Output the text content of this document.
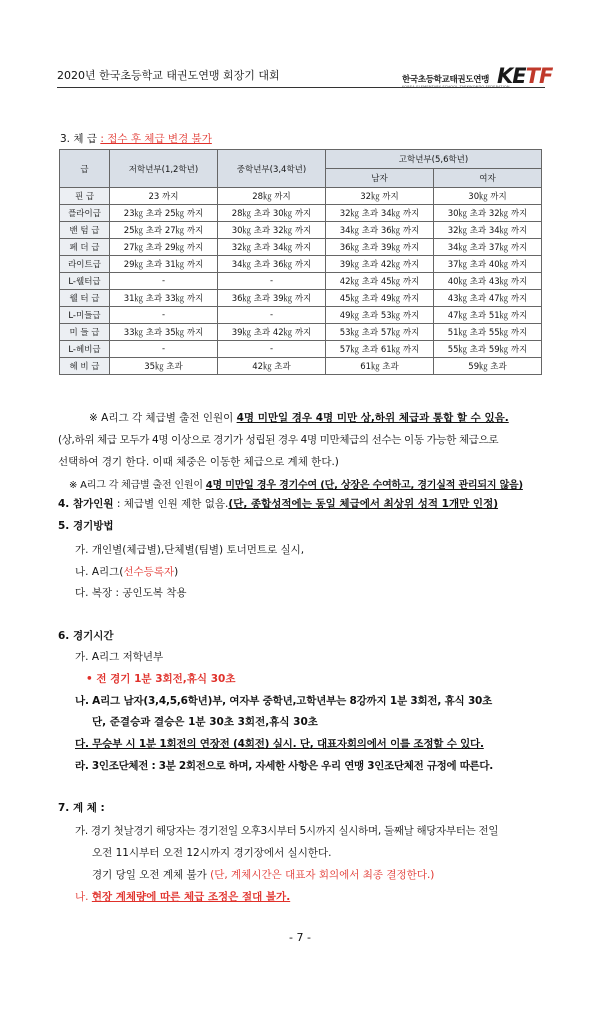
2020년 한국초등학교 태권도연맹 회장기 대회	한국초등학교태권도연맹
KOREA ELEMENTARY SCHOOL TAEKWONDO FEDERATION
KETF
3. 체 급 : 접수 후 체급 변경 불가
급	저학년부(1,2학년)	중학년부(3,4학년)	고학년부(5,6학년)	
			남자	여자
핀 급	23 까지	28㎏ 까지	32㎏ 까지	30㎏ 까지
플라이급	23㎏ 초과 25㎏ 까지	28㎏ 초과 30㎏ 까지	32㎏ 초과 34㎏ 까지	30㎏ 초과 32㎏ 까지
밴 텀 급	25㎏ 초과 27㎏ 까지	30㎏ 초과 32㎏ 까지	34㎏ 초과 36㎏ 까지	32㎏ 초과 34㎏ 까지
페 더 급	27㎏ 초과 29㎏ 까지	32㎏ 초과 34㎏ 까지	36㎏ 초과 39㎏ 까지	34㎏ 초과 37㎏ 까지
라이트급	29㎏ 초과 31㎏ 까지	34㎏ 초과 36㎏ 까지	39㎏ 초과 42㎏ 까지	37㎏ 초과 40㎏ 까지
L-웰터급	-	-	42㎏ 초과 45㎏ 까지	40㎏ 초과 43㎏ 까지
웰 터 급	31㎏ 초과 33㎏ 까지	36㎏ 초과 39㎏ 까지	45㎏ 초과 49㎏ 까지	43㎏ 초과 47㎏ 까지
L-미들급	-	-	49㎏ 초과 53㎏ 까지	47㎏ 초과 51㎏ 까지
미 들 급	33㎏ 초과 35㎏ 까지	39㎏ 초과 42㎏ 까지	53㎏ 초과 57㎏ 까지	51㎏ 초과 55㎏ 까지
L-헤비급	-	-	57㎏ 초과 61㎏ 까지	55㎏ 초과 59㎏ 까지
헤 비 급	35㎏ 초과	42㎏ 초과	61㎏ 초과	59㎏ 초과
※ A리그 각 체급별 출전 인원이 4명 미만일 경우 4명 미만 상,하위 체급과 통합 할 수 있음.
(상,하위 체급 모두가 4명 이상으로 경기가 성립된 경우 4명 미만체급의 선수는 이동 가능한 체급으로
선택하여 경기 한다. 이때 체중은 이동한 체급으로 계체 한다.)
※ A리그 각 체급별 출전 인원이 4명 미만일 경우 경기수여 (단, 상장은 수여하고, 경기실적 관리되지 않음)
4. 참가인원 : 체급별 인원 제한 없음.(단, 종합성적에는 동일 체급에서 최상위 성적 1개만 인정)
5. 경기방법
가. 개인별(체급별),단체별(팀별) 토너먼트로 실시,
나. A리그(선수등록자)
다. 복장 : 공인도복 착용
6. 경기시간
가. A리그 저학년부
• 전 경기 1분 3회전,휴식 30초
나. A리그 남자(3,4,5,6학년)부, 여자부 중학년,고학년부는 8강까지 1분 3회전, 휴식 30초
단, 준결승과 결승은 1분 30초 3회전,휴식 30초
다. 무승부 시 1분 1회전의 연장전 (4회전) 실시. 단, 대표자회의에서 이를 조정할 수 있다.
라. 3인조단체전 : 3분 2회전으로 하며, 자세한 사항은 우리 연맹 3인조단체전 규정에 따른다.
7. 계 체 :
가. 경기 첫날경기 해당자는 경기전일 오후3시부터 5시까지 실시하며, 둘째날 해당자부터는 전일
오전 11시부터 오전 12시까지 경기장에서 실시한다.
경기 당일 오전 계체 불가 (단, 계체시간은 대표자 회의에서 최종 결정한다.)
나. 현장 계체량에 따른 체급 조정은 절대 불가.
- 7 -
